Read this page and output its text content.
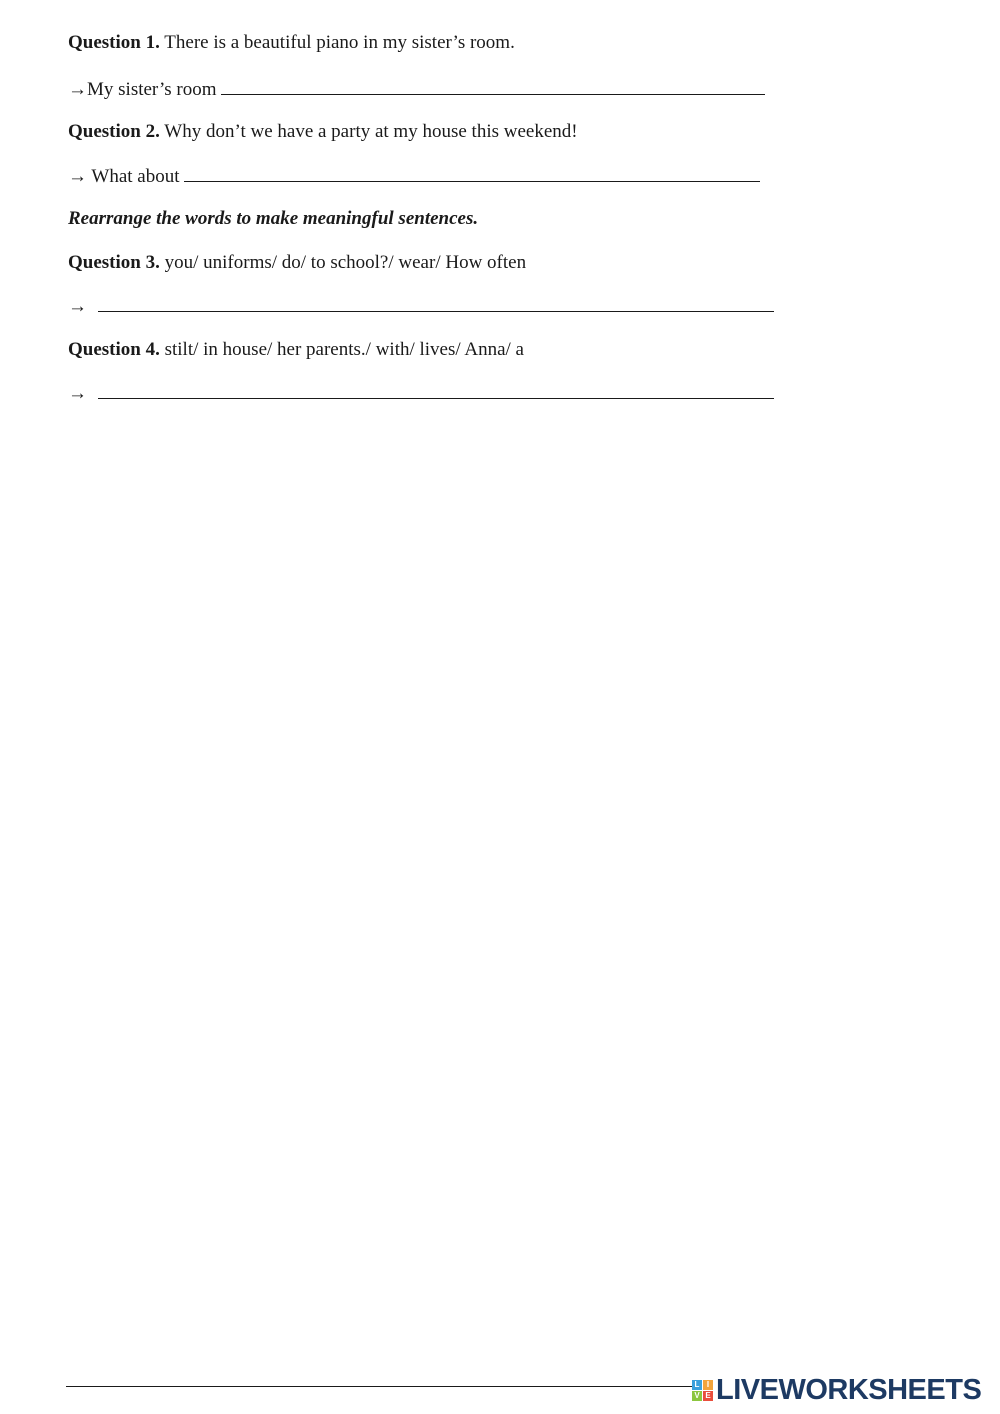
Question 1. There is a beautiful piano in my sister’s room.
→My sister’s room
Question 2. Why don’t we have a party at my house this weekend!
→ What about
Rearrange the words to make meaningful sentences.
Question 3. you/ uniforms/ do/ to school?/ wear/ How often
→
Question 4. stilt/ in house/ her parents./ with/ lives/ Anna/ a
→
L I
V E LIVEWORKSHEETS
